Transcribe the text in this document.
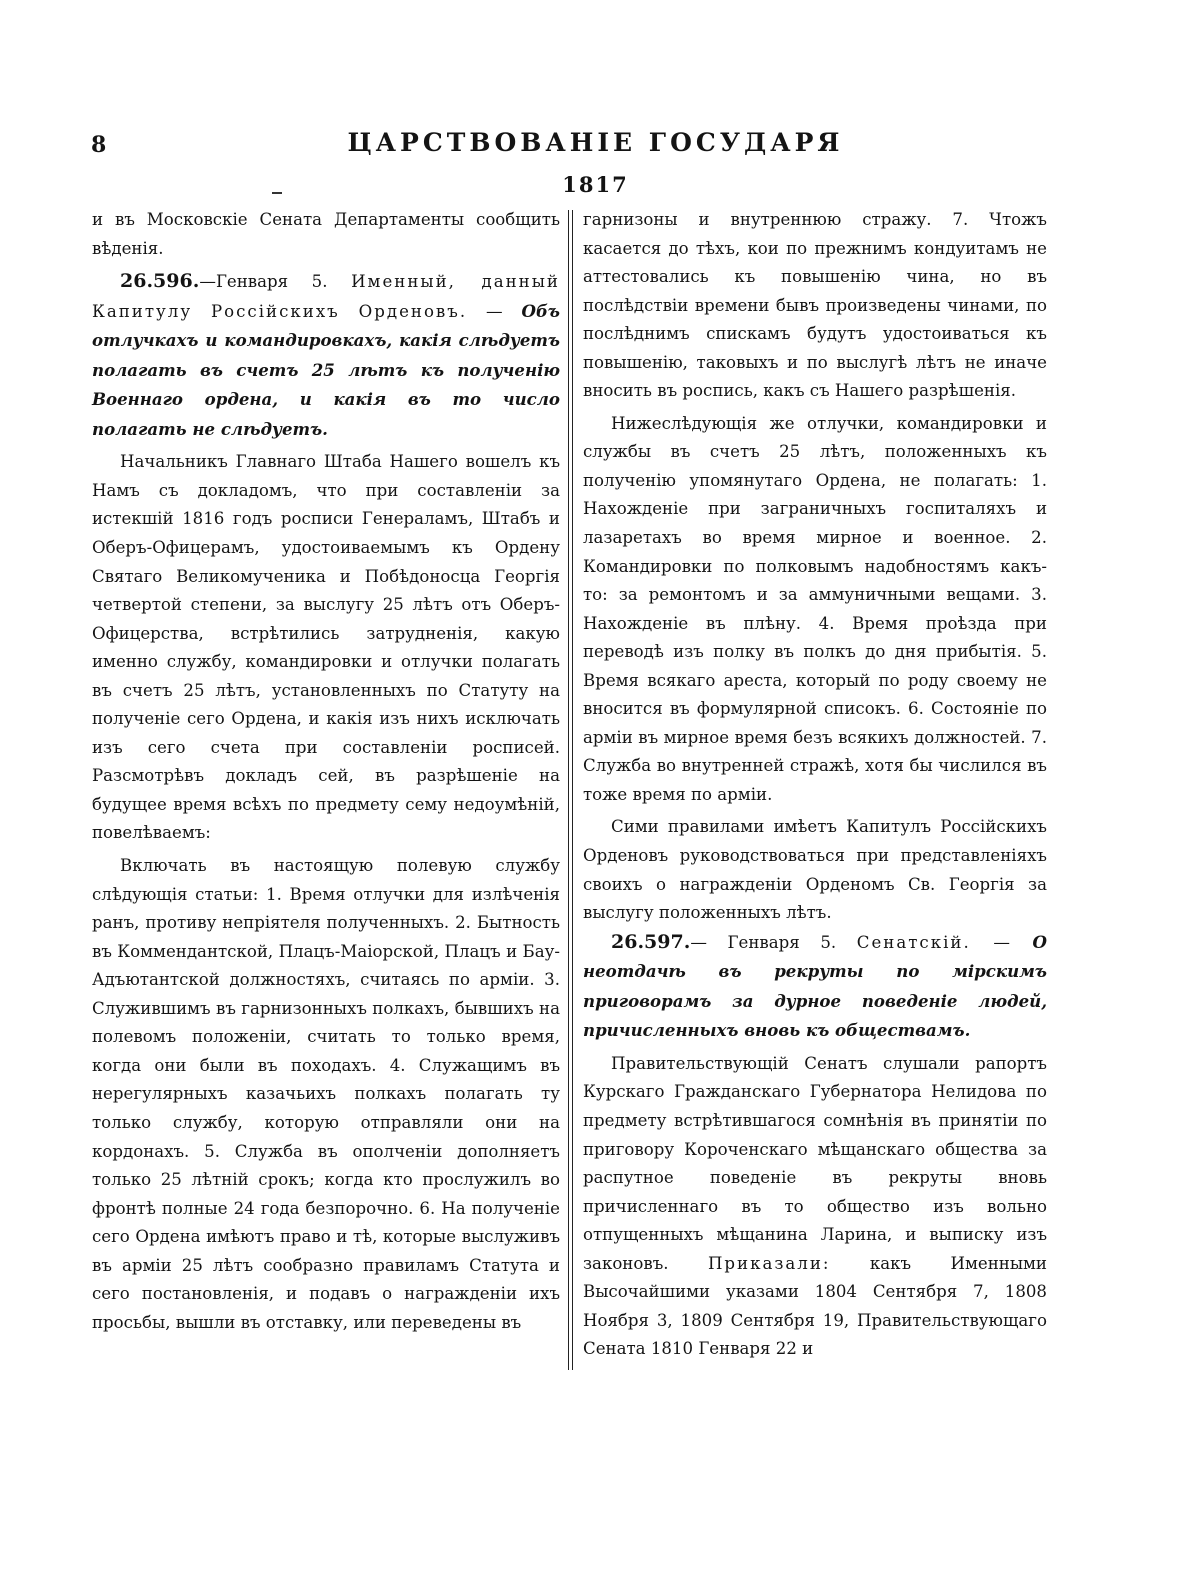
8	ЦАРСТВОВАНІЕ ГОСУДАРЯ
1817

и въ Московскіе Сената Департаменты сообщить вѣденія.

26.596.—Генваря 5. Именный, данный Капитулу Россійскихъ Орденовъ. — Объ отлучкахъ и командировкахъ, какія слѣдуетъ полагать въ счетъ 25 лѣтъ къ полученію Военнаго ордена, и какія въ то число полагать не слѣдуетъ.

Начальникъ Главнаго Штаба Нашего вошелъ къ Намъ съ докладомъ, что при составленіи за истекшій 1816 годъ росписи Генераламъ, Штабъ и Оберъ-Офицерамъ, удостоиваемымъ къ Ордену Святаго Великомученика и Побѣдоносца Георгія четвертой степени, за выслугу 25 лѣтъ отъ Оберъ-Офицерства, встрѣтились затрудненія, какую именно службу, командировки и отлучки полагать въ счетъ 25 лѣтъ, установленныхъ по Статуту на полученіе сего Ордена, и какія изъ нихъ исключать изъ сего счета при составленіи росписей. Разсмотрѣвъ докладъ сей, въ разрѣшеніе на будущее время всѣхъ по предмету сему недоумѣній, повелѣваемъ:

Включать въ настоящую полевую службу слѣдующія статьи: 1. Время отлучки для излѣченія ранъ, противу непріятеля полученныхъ. 2. Бытность въ Коммендантской, Плацъ-Маіорской, Плацъ и Бау-Адъютантской должностяхъ, считаясь по арміи. 3. Служившимъ въ гарнизонныхъ полкахъ, бывшихъ на полевомъ положеніи, считать то только время, когда они были въ походахъ. 4. Служащимъ въ нерегулярныхъ казачьихъ полкахъ полагать ту только службу, которую отправляли они на кордонахъ. 5. Служба въ ополченіи дополняетъ только 25 лѣтній срокъ; когда кто прослужилъ во фронтѣ полные 24 года безпорочно. 6. На полученіе сего Ордена имѣютъ право и тѣ, которые выслуживъ въ арміи 25 лѣтъ сообразно правиламъ Статута и сего постановленія, и подавъ о награжденіи ихъ просьбы, вышли въ отставку, или переведены въ

гарнизоны и внутреннюю стражу. 7. Чтожъ касается до тѣхъ, кои по прежнимъ кондуитамъ не аттестовались къ повышенію чина, но въ послѣдствіи времени бывъ произведены чинами, по послѣднимъ спискамъ будутъ удостоиваться къ повышенію, таковыхъ и по выслугѣ лѣтъ не иначе вносить въ роспись, какъ съ Нашего разрѣшенія.

Нижеслѣдующія же отлучки, командировки и службы въ счетъ 25 лѣтъ, положенныхъ къ полученію упомянутаго Ордена, не полагать: 1. Нахожденіе при заграничныхъ госпиталяхъ и лазаретахъ во время мирное и военное. 2. Командировки по полковымъ надобностямъ какъ-то: за ремонтомъ и за аммуничными вещами. 3. Нахожденіе въ плѣну. 4. Время проѣзда при переводѣ изъ полку въ полкъ до дня прибытія. 5. Время всякаго ареста, который по роду своему не вносится въ формулярной списокъ. 6. Состояніе по арміи въ мирное время безъ всякихъ должностей. 7. Служба во внутренней стражѣ, хотя бы числился въ тоже время по арміи.

Сими правилами имѣетъ Капитулъ Россійскихъ Орденовъ руководствоваться при представленіяхъ своихъ о награжденіи Орденомъ Св. Георгія за выслугу положенныхъ лѣтъ.

26.597.— Генваря 5. Сенатскій. — О неотдачѣ въ рекруты по мірскимъ приговорамъ за дурное поведеніе людей, причисленныхъ вновь къ обществамъ.

Правительствующій Сенатъ слушали рапортъ Курскаго Гражданскаго Губернатора Нелидова по предмету встрѣтившагося сомнѣнія въ принятіи по приговору Короченскаго мѣщанскаго общества за распутное поведеніе въ рекруты вновь причисленнаго въ то общество изъ вольно отпущенныхъ мѣщанина Ларина, и выписку изъ законовъ. Приказали: какъ Именными Высочайшими указами 1804 Сентября 7, 1808 Ноября 3, 1809 Сентября 19, Правительствующаго Сената 1810 Генваря 22 и
